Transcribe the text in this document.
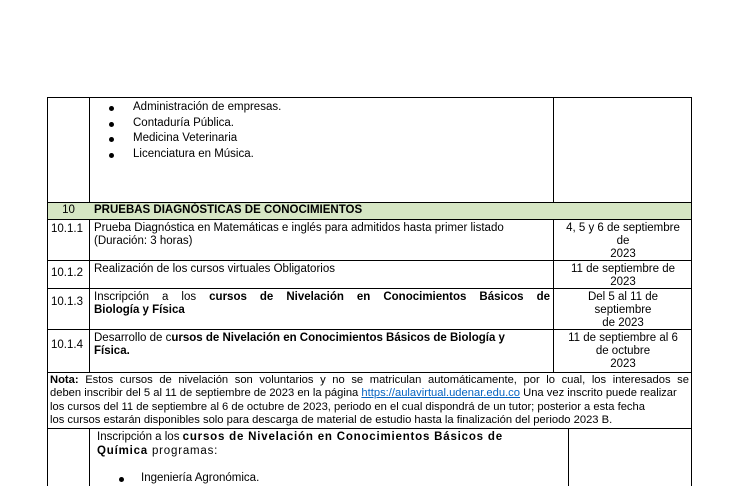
Administración de empresas.
Contaduría Pública.
Medicina Veterinaria
Licenciatura en Música.
10	PRUEBAS DIAGNÓSTICAS DE CONOCIMIENTOS
10.1.1 Prueba Diagnóstica en Matemáticas e inglés para admitidos hasta primer listado
(Duración: 3 horas)
4, 5 y 6 de septiembre
de
2023
10.1.2 Realización de los cursos virtuales Obligatorios	11 de septiembre de
2023
10.1.3 Inscripción a los cursos de Nivelación en Conocimientos Básicos de
Biología y Física
Del 5 al 11 de
septiembre
de 2023
10.1.4
Desarrollo de cursos de Nivelación en Conocimientos Básicos de Biología y
Física.
11 de septiembre al 6
de octubre
2023
Nota: Estos cursos de nivelación son voluntarios y no se matriculan automáticamente, por lo cual, los interesados se
deben inscribir del 5 al 11 de septiembre de 2023 en la página https://aulavirtual.udenar.edu.co Una vez inscrito puede realizar
los cursos del 11 de septiembre al 6 de octubre de 2023, periodo en el cual dispondrá de un tutor; posterior a esta fecha
los cursos estarán disponibles solo para descarga de material de estudio hasta la finalización del periodo 2023 B.
Inscripción a los cursos de Nivelación en Conocimientos Básicos de
Química programas:
Ingeniería Agronómica.
